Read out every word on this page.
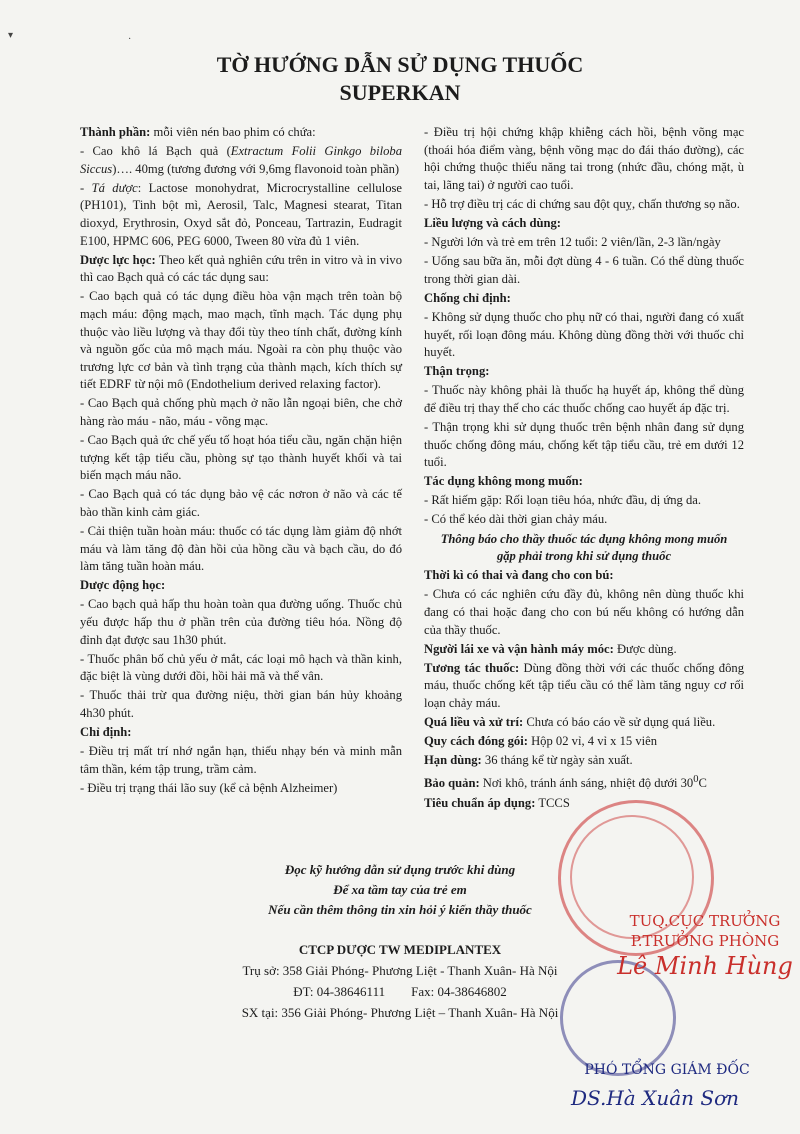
▾	·
TỜ HƯỚNG DẪN SỬ DỤNG THUỐC
SUPERKAN

Thành phần: mỗi viên nén bao phim có chứa:

- Cao khô lá Bạch quả (Extractum Folii Ginkgo biloba Siccus)…. 40mg (tương đương với 9,6mg flavonoid toàn phần)

- Tá dược: Lactose monohydrat, Microcrystalline cellulose (PH101), Tinh bột mì, Aerosil, Talc, Magnesi stearat, Titan dioxyd, Erythrosin, Oxyd sắt đỏ, Ponceau, Tartrazin, Eudragit E100, HPMC 606, PEG 6000, Tween 80 vừa đủ 1 viên.

Dược lực học: Theo kết quả nghiên cứu trên in vitro và in vivo thì cao Bạch quả có các tác dụng sau:

- Cao bạch quả có tác dụng điều hòa vận mạch trên toàn bộ mạch máu: động mạch, mao mạch, tĩnh mạch. Tác dụng phụ thuộc vào liều lượng và thay đổi tùy theo tính chất, đường kính và nguồn gốc của mô mạch máu. Ngoài ra còn phụ thuộc vào trương lực cơ bản và tình trạng của thành mạch, kích thích sự tiết EDRF từ nội mô (Endothelium derived relaxing factor).

- Cao Bạch quả chống phù mạch ở não lẫn ngoại biên, che chở hàng rào máu - não, máu - võng mạc.

- Cao Bạch quả ức chế yếu tố hoạt hóa tiểu cầu, ngăn chặn hiện tượng kết tập tiểu cầu, phòng sự tạo thành huyết khối và tai biến mạch máu não.

- Cao Bạch quả có tác dụng bảo vệ các nơron ở não và các tế bào thần kinh cảm giác.

- Cải thiện tuần hoàn máu: thuốc có tác dụng làm giảm độ nhớt máu và làm tăng độ đàn hồi của hồng cầu và bạch cầu, do đó làm tăng tuần hoàn máu.

Dược động học:

- Cao bạch quả hấp thu hoàn toàn qua đường uống. Thuốc chủ yếu được hấp thu ở phần trên của đường tiêu hóa. Nồng độ đỉnh đạt được sau 1h30 phút.

- Thuốc phân bố chủ yếu ở mắt, các loại mô hạch và thần kinh, đặc biệt là vùng dưới đồi, hồi hải mã và thể vân.

- Thuốc thải trừ qua đường niệu, thời gian bán hủy khoảng 4h30 phút.

Chỉ định:

- Điều trị mất trí nhớ ngắn hạn, thiếu nhạy bén và minh mẫn tâm thần, kém tập trung, trầm cảm.

- Điều trị trạng thái lão suy (kể cả bệnh Alzheimer)

- Điều trị hội chứng khập khiễng cách hồi, bệnh võng mạc (thoái hóa điểm vàng, bệnh võng mạc do đái tháo đường), các hội chứng thuộc thiểu năng tai trong (nhức đầu, chóng mặt, ù tai, lãng tai) ở người cao tuổi.

- Hỗ trợ điều trị các di chứng sau đột quỵ, chấn thương sọ não.

Liều lượng và cách dùng:

- Người lớn và trẻ em trên 12 tuổi: 2 viên/lần, 2-3 lần/ngày

- Uống sau bữa ăn, mỗi đợt dùng 4 - 6 tuần. Có thể dùng thuốc trong thời gian dài.

Chống chỉ định:

- Không sử dụng thuốc cho phụ nữ có thai, người đang có xuất huyết, rối loạn đông máu. Không dùng đồng thời với thuốc chỉ huyết.

Thận trọng:

- Thuốc này không phải là thuốc hạ huyết áp, không thể dùng để điều trị thay thế cho các thuốc chống cao huyết áp đặc trị.

- Thận trọng khi sử dụng thuốc trên bệnh nhân đang sử dụng thuốc chống đông máu, chống kết tập tiểu cầu, trẻ em dưới 12 tuổi.

Tác dụng không mong muốn:

- Rất hiếm gặp: Rối loạn tiêu hóa, nhức đầu, dị ứng da.

- Có thể kéo dài thời gian chảy máu.

Thông báo cho thầy thuốc tác dụng không mong muốn

gặp phải trong khi sử dụng thuốc

Thời kì có thai và đang cho con bú:

- Chưa có các nghiên cứu đầy đủ, không nên dùng thuốc khi đang có thai hoặc đang cho con bú nếu không có hướng dẫn của thầy thuốc.

Người lái xe và vận hành máy móc: Được dùng.

Tương tác thuốc: Dùng đồng thời với các thuốc chống đông máu, thuốc chống kết tập tiểu cầu có thể làm tăng nguy cơ rối loạn chảy máu.

Quá liều và xử trí: Chưa có báo cáo về sử dụng quá liều.

Quy cách đóng gói: Hộp 02 vỉ, 4 vỉ x 15 viên

Hạn dùng: 36 tháng kể từ ngày sản xuất.

Bảo quản: Nơi khô, tránh ánh sáng, nhiệt độ dưới $30^0C$

Tiêu chuẩn áp dụng: TCCS

Đọc kỹ hướng dẫn sử dụng trước khi dùng
Để xa tầm tay của trẻ em
Nếu cần thêm thông tin xin hỏi ý kiến thầy thuốc
CTCP DƯỢC TW MEDIPLANTEX
Trụ sở: 358 Giải Phóng- Phương Liệt - Thanh Xuân- Hà Nội
ĐT: 04-38646111        Fax: 04-38646802
SX tại: 356 Giải Phóng- Phương Liệt – Thanh Xuân- Hà Nội
TUQ.CỤC TRƯỞNG
P.TRƯỞNG PHÒNG
Lê Minh Hùng
PHÓ TỔNG GIÁM ĐỐC
DS.Hà Xuân Sơn
